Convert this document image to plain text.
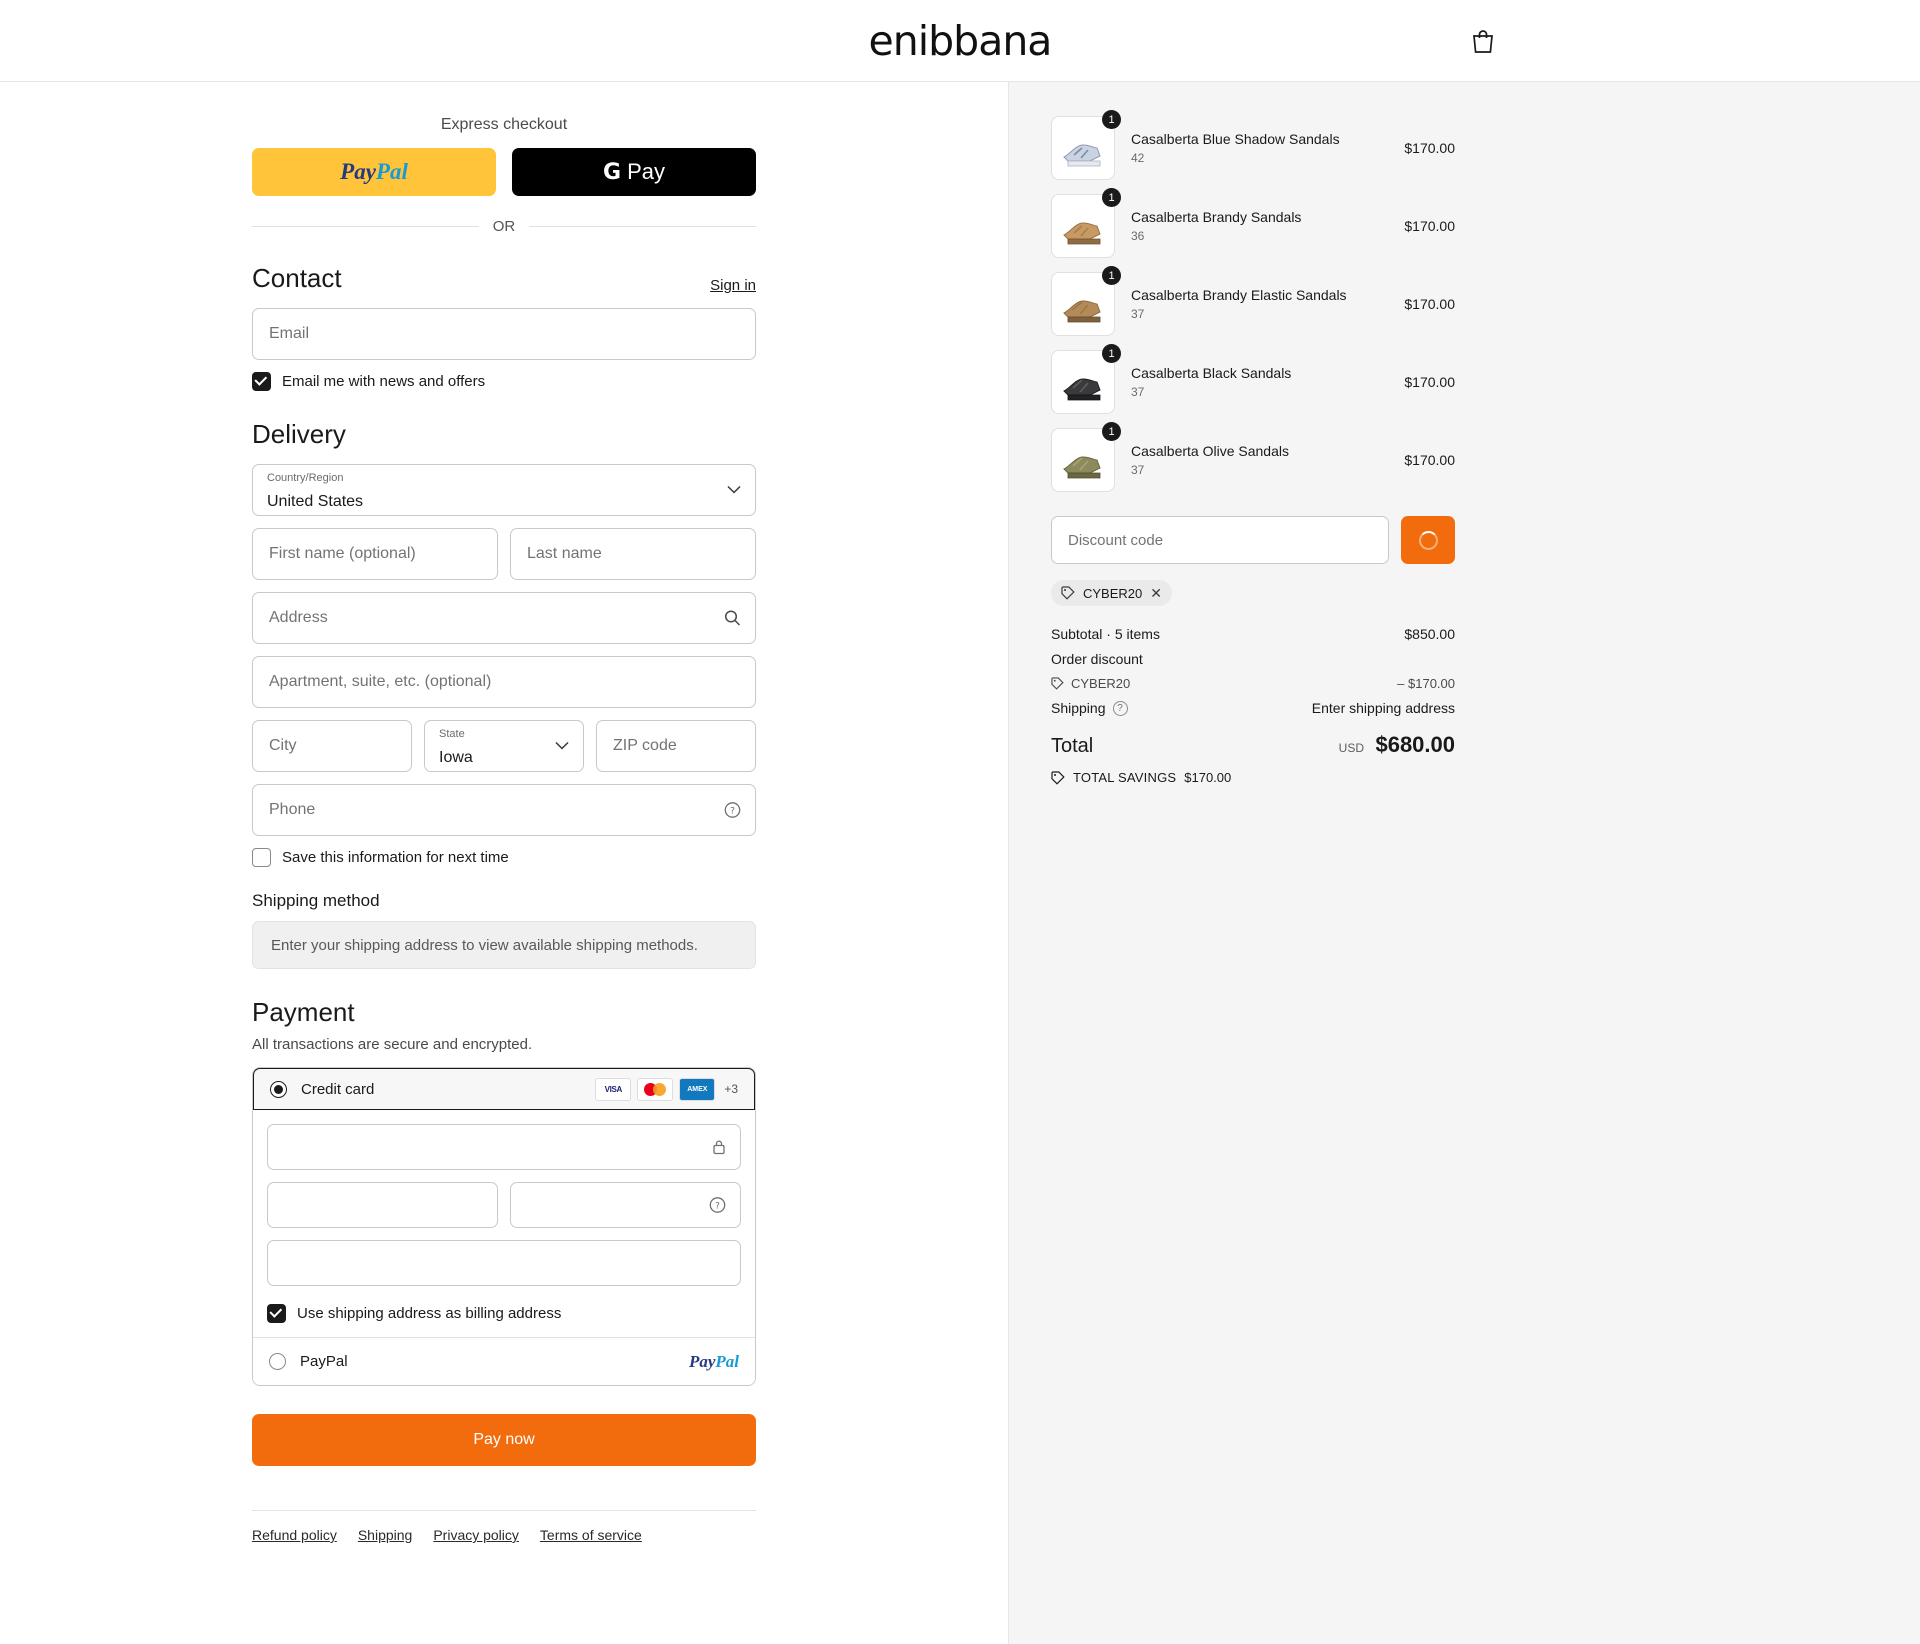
enibbana
Express checkout
PayPal	G Pay
OR
Contact	Sign in
Email
Email me with news and offers
Delivery
Country/Region
United States
First name (optional)
Last name
Address
Apartment, suite, etc. (optional)
City
State
Iowa
ZIP code
Phone
?
Save this information for next time
Shipping method
Enter your shipping address to view available shipping methods.
Payment
All transactions are secure and encrypted.
Credit card	VISA	AMEX	+3
?
Use shipping address as billing address
PayPal	PayPal
Pay now
Refund policy Shipping Privacy policy Terms of service
1
Casalberta Blue Shadow Sandals
42
$170.00
1
Casalberta Brandy Sandals
36
$170.00
1
Casalberta Brandy Elastic Sandals
37
$170.00
1
Casalberta Black Sandals
37
$170.00
1
Casalberta Olive Sandals
37
$170.00
Discount code
CYBER20 ✕
Subtotal · 5 items	$850.00
Order discount
CYBER20	– $170.00
Shipping	?	Enter shipping address
Total	USD $680.00
TOTAL SAVINGS $170.00
